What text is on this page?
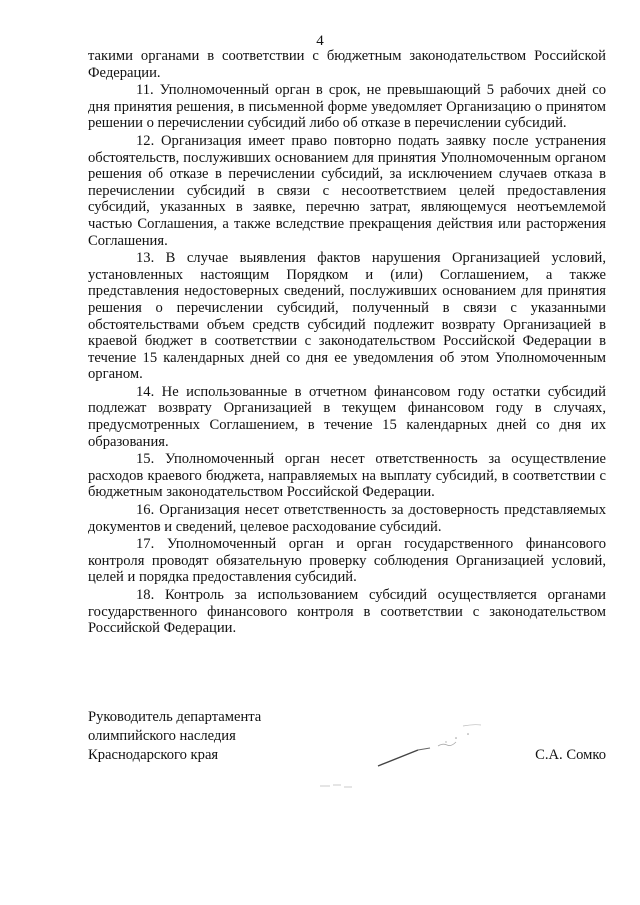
4

такими органами в соответствии с бюджетным законодательством Российской Федерации.

11. Уполномоченный орган в срок, не превышающий 5 рабочих дней со дня принятия решения, в письменной форме уведомляет Организацию о принятом решении о перечислении субсидий либо об отказе в перечислении субсидий.

12. Организация имеет право повторно подать заявку после устранения обстоятельств, послуживших основанием для принятия Уполномоченным органом решения об отказе в перечислении субсидий, за исключением случаев отказа в перечислении субсидий в связи с несоответствием целей предоставления субсидий, указанных в заявке, перечню затрат, являющемуся неотъемлемой частью Соглашения, а также вследствие прекращения действия или расторжения Соглашения.

13. В случае выявления фактов нарушения Организацией условий, установленных настоящим Порядком и (или) Соглашением, а также представления недостоверных сведений, послуживших основанием для принятия решения о перечислении субсидий, полученный в связи с указанными обстоятельствами объем средств субсидий подлежит возврату Организацией в краевой бюджет в соответствии с законодательством Российской Федерации в течение 15 календарных дней со дня ее уведомления об этом Уполномоченным органом.

14. Не использованные в отчетном финансовом году остатки субсидий подлежат возврату Организацией в текущем финансовом году в случаях, предусмотренных Соглашением, в течение 15 календарных дней со дня их образования.

15. Уполномоченный орган несет ответственность за осуществление расходов краевого бюджета, направляемых на выплату субсидий, в соответствии с бюджетным законодательством Российской Федерации.

16. Организация несет ответственность за достоверность представляемых документов и сведений, целевое расходование субсидий.

17. Уполномоченный орган и орган государственного финансового контроля проводят обязательную проверку соблюдения Организацией условий, целей и порядка предоставления субсидий.

18. Контроль за использованием субсидий осуществляется органами государственного финансового контроля в соответствии с законодательством Российской Федерации.

Руководитель департамента
олимпийского наследия
Краснодарского края	С.А. Сомко
